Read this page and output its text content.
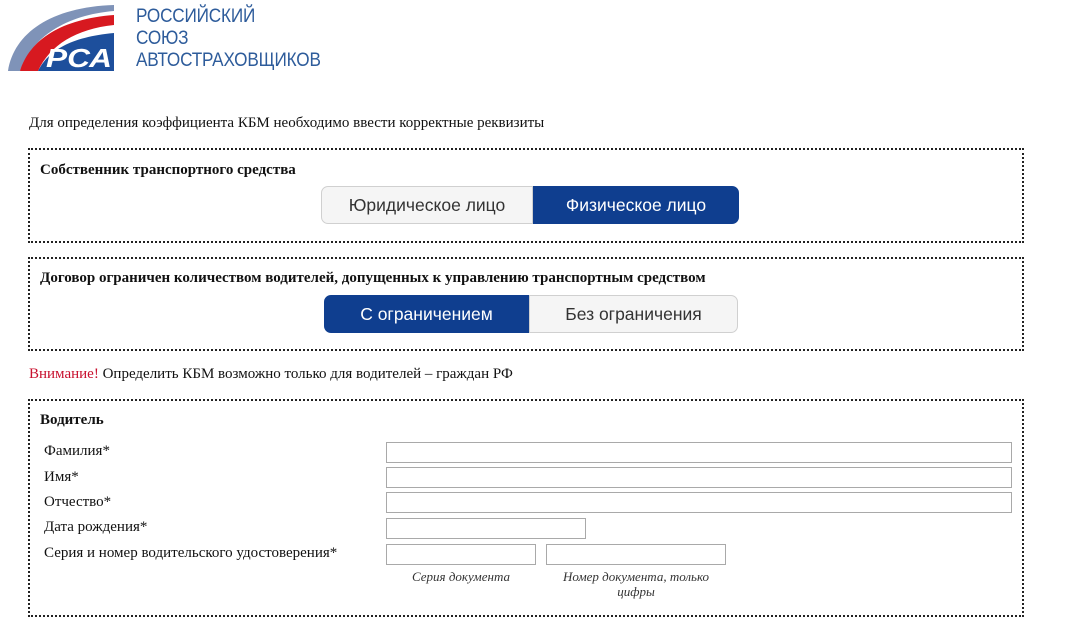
РСА
РОССИЙСКИЙ
СОЮЗ
АВТОСТРАХОВЩИКОВ
Для определения коэффициента КБМ необходимо ввести корректные реквизиты
Собственник транспортного средства
Юридическое лицо	Физическое лицо
Договор ограничен количеством водителей, допущенных к управлению транспортным средством
С ограничением	Без ограничения
Внимание! Определить КБМ возможно только для водителей – граждан РФ
Водитель
Фамилия*
Имя*
Отчество*
Дата рождения*
Серия и номер водительского удостоверения*
Серия документа	Номер документа, только цифры
